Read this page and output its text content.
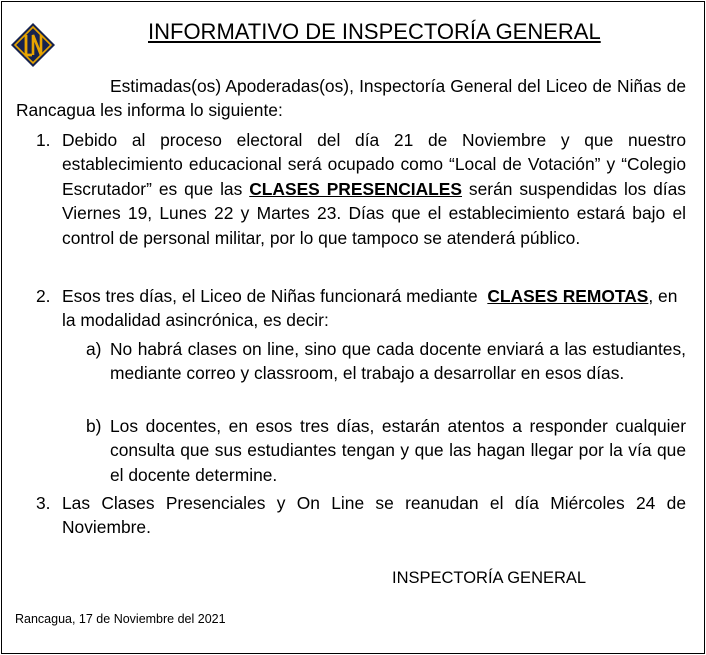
INFORMATIVO DE INSPECTORÍA GENERAL
Estimadas(os) Apoderadas(os), Inspectoría General del Liceo de Niñas de Rancagua les informa lo siguiente:
1. Debido al proceso electoral del día 21 de Noviembre y que nuestro establecimiento educacional será ocupado como “Local de Votación” y “Colegio Escrutador” es que las CLASES PRESENCIALES serán suspendidas los días Viernes 19, Lunes 22 y Martes 23. Días que el establecimiento estará bajo el control de personal militar, por lo que tampoco se atenderá público.
2. Esos tres días, el Liceo de Niñas funcionará mediante  CLASES REMOTAS, en la modalidad asincrónica, es decir:
a) No habrá clases on line, sino que cada docente enviará a las estudiantes, mediante correo y classroom, el trabajo a desarrollar en esos días.
b) Los docentes, en esos tres días, estarán atentos a responder cualquier consulta que sus estudiantes tengan y que las hagan llegar por la vía que el docente determine.
3. Las Clases Presenciales y On Line se reanudan el día Miércoles 24 de Noviembre.
INSPECTORÍA GENERAL
Rancagua, 17 de Noviembre del 2021
